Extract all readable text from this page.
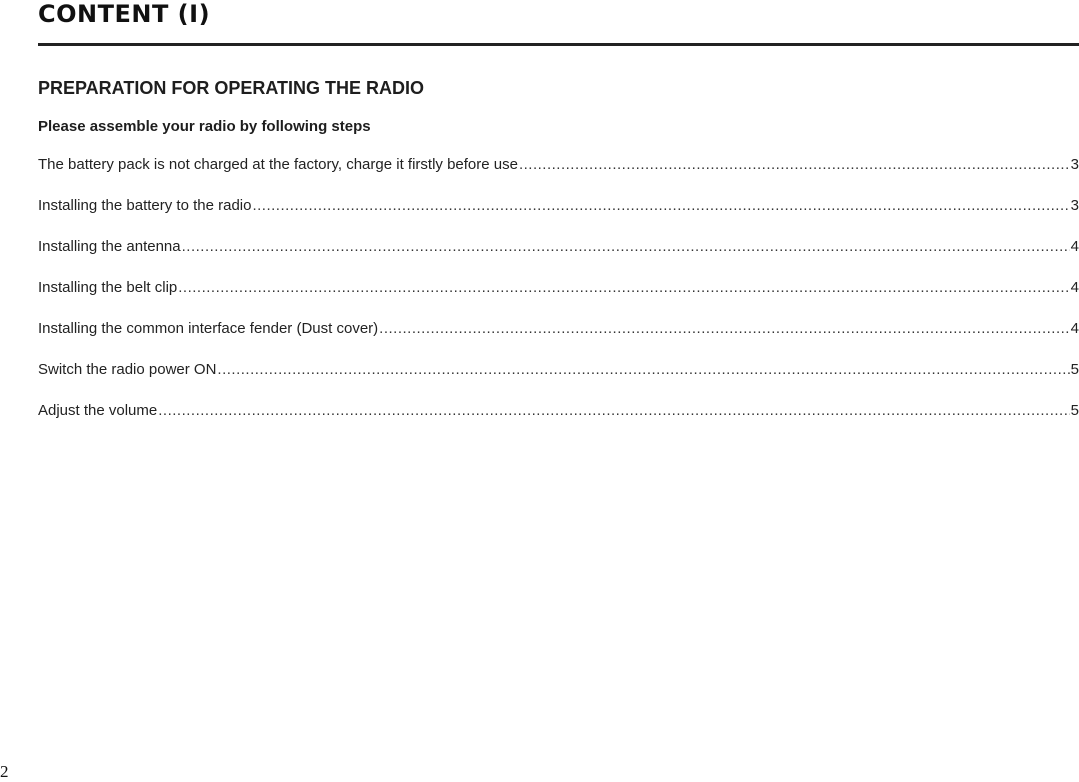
CONTENT (Ⅰ)
PREPARATION FOR OPERATING THE RADIO
Please assemble your radio by following steps
The battery pack is not charged at the factory, charge it firstly before use .....	3
Installing the battery to the radio .....	3
Installing the antenna .....	4
Installing the belt clip .....	4
Installing the common interface fender (Dust cover) .....	4
Switch the radio power ON .....	5
Adjust the volume .....	5
2
